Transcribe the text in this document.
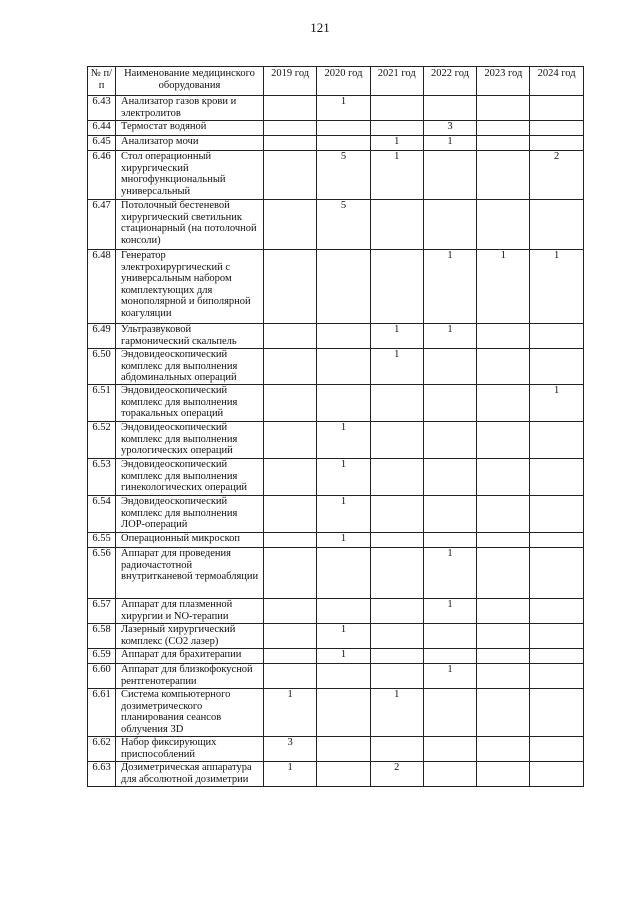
121
№ п/п	Наименование медицинского оборудования	2019 год	2020 год	2021 год	2022 год	2023 год	2024 год
6.43	Анализатор газов крови и электролитов		1				
6.44	Термостат водяной				3		
6.45	Анализатор мочи			1	1		
6.46	Стол операционный хирургический многофункциональный универсальный		5	1			2
6.47	Потолочный бестеневой хирургический светильник стационарный (на потолочной консоли)		5				
6.48	Генератор электрохирургический с универсальным набором комплектующих для монополярной и биполярной коагуляции				1	1	1
6.49	Ультразвуковой гармонический скальпель			1	1		
6.50	Эндовидеоскопический комплекс для выполнения абдоминальных операций			1			
6.51	Эндовидеоскопический комплекс для выполнения торакальных операций						1
6.52	Эндовидеоскопический комплекс для выполнения урологических операций		1				
6.53	Эндовидеоскопический комплекс для выполнения гинекологических операций		1				
6.54	Эндовидеоскопический комплекс для выполнения ЛОР-операций		1				
6.55	Операционный микроскоп		1				
6.56	Аппарат для проведения радиочастотной внутритканевой термоабляции				1		
6.57	Аппарат для плазменной хирургии и NO-терапии				1		
6.58	Лазерный хирургический комплекс (СО2 лазер)		1				
6.59	Аппарат для брахитерапии		1				
6.60	Аппарат для близкофокусной рентгенотерапии				1		
6.61	Система компьютерного дозиметрического планирования сеансов облучения 3D	1		1			
6.62	Набор фиксирующих приспособлений	3					
6.63	Дозиметрическая аппаратура для абсолютной дозиметрии	1		2			
